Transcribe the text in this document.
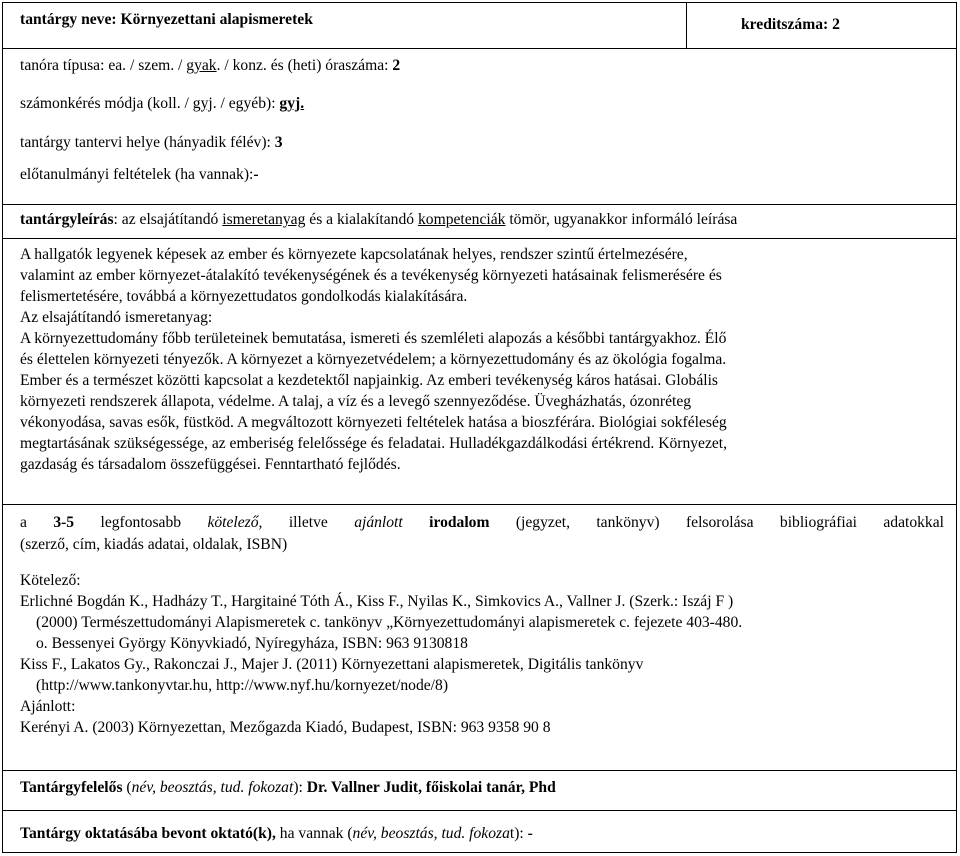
tantárgy neve: Környezettani alapismeretek	kreditszáma: 2
tanóra típusa: ea. / szem. / gyak. / konz. és (heti) óraszáma: 2
számonkérés módja (koll. / gyj. / egyéb): gyj.
tantárgy tantervi helye (hányadik félév): 3
előtanulmányi feltételek (ha vannak):-
tantárgyleírás: az elsajátítandó ismeretanyag és a kialakítandó kompetenciák tömör, ugyanakkor informáló leírása

A hallgatók legyenek képesek az ember és környezete kapcsolatának helyes, rendszer szintű értelmezésére,

valamint az ember környezet-átalakító tevékenységének és a tevékenység környezeti hatásainak felismerésére és

felismertetésére, továbbá a környezettudatos gondolkodás kialakítására.

Az elsajátítandó ismeretanyag:

A környezettudomány főbb területeinek bemutatása, ismereti és szemléleti alapozás a későbbi tantárgyakhoz. Élő

és élettelen környezeti tényezők. A környezet a környezetvédelem; a környezettudomány és az ökológia fogalma.

Ember és a természet közötti kapcsolat a kezdetektől napjainkig. Az emberi tevékenység káros hatásai. Globális

környezeti rendszerek állapota, védelme. A talaj, a víz és a levegő szennyeződése. Üvegházhatás, ózonréteg

vékonyodása, savas esők, füstköd. A megváltozott környezeti feltételek hatása a bioszférára. Biológiai sokféleség

megtartásának szükségessége, az emberiség felelőssége és feladatai. Hulladékgazdálkodási értékrend. Környezet,

gazdaság és társadalom összefüggései. Fenntartható fejlődés.

a 3-5 legfontosabb kötelező, illetve ajánlott irodalom (jegyzet, tankönyv) felsorolása bibliográfiai adatokkal

(szerző, cím, kiadás adatai, oldalak, ISBN)

Kötelező:

Erlichné Bogdán K., Hadházy T., Hargitainé Tóth Á., Kiss F., Nyilas K., Simkovics A., Vallner J. (Szerk.: Iszáj F )

(2000) Természettudományi Alapismeretek c. tankönyv „Környezettudományi alapismeretek c. fejezete 403-480.

o. Bessenyei György Könyvkiadó, Nyíregyháza, ISBN: 963 9130818

Kiss F., Lakatos Gy., Rakonczai J., Majer J. (2011) Környezettani alapismeretek, Digitális tankönyv

(http://www.tankonyvtar.hu, http://www.nyf.hu/kornyezet/node/8)

Ajánlott:

Kerényi A. (2003) Környezettan, Mezőgazda Kiadó, Budapest, ISBN: 963 9358 90 8

Tantárgyfelelős (név, beosztás, tud. fokozat): Dr. Vallner Judit, főiskolai tanár, Phd
Tantárgy oktatásába bevont oktató(k), ha vannak (név, beosztás, tud. fokozat): -
